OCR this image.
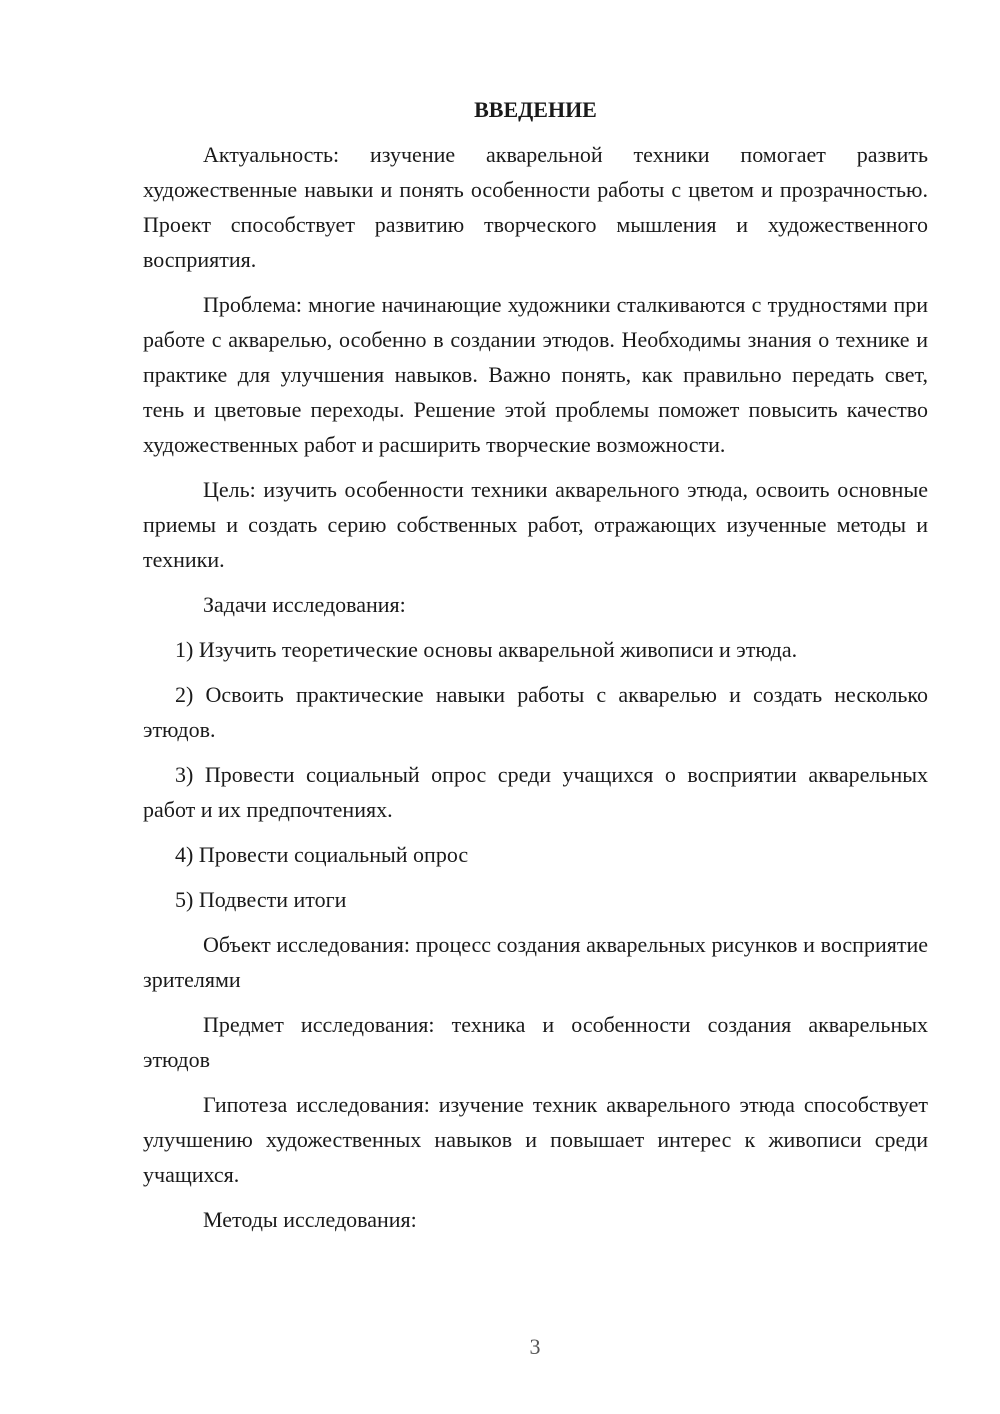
ВВЕДЕНИЕ

Актуальность: изучение акварельной техники помогает развить художественные навыки и понять особенности работы с цветом и прозрачностью. Проект способствует развитию творческого мышления и художественного восприятия.

Проблема: многие начинающие художники сталкиваются с трудностями при работе с акварелью, особенно в создании этюдов. Необходимы знания о технике и практике для улучшения навыков. Важно понять, как правильно передать свет, тень и цветовые переходы. Решение этой проблемы поможет повысить качество художественных работ и расширить творческие возможности.

Цель: изучить особенности техники акварельного этюда, освоить основные приемы и создать серию собственных работ, отражающих изученные методы и техники.

Задачи исследования:

1) Изучить теоретические основы акварельной живописи и этюда.

2) Освоить практические навыки работы с акварелью и создать несколько этюдов.

3) Провести социальный опрос среди учащихся о восприятии акварельных работ и их предпочтениях.

4) Провести социальный опрос

5) Подвести итоги

Объект исследования: процесс создания акварельных рисунков и восприятие зрителями

Предмет исследования: техника и особенности создания акварельных этюдов

Гипотеза исследования: изучение техник акварельного этюда способствует улучшению художественных навыков и повышает интерес к живописи среди учащихся.

Методы исследования:

3
